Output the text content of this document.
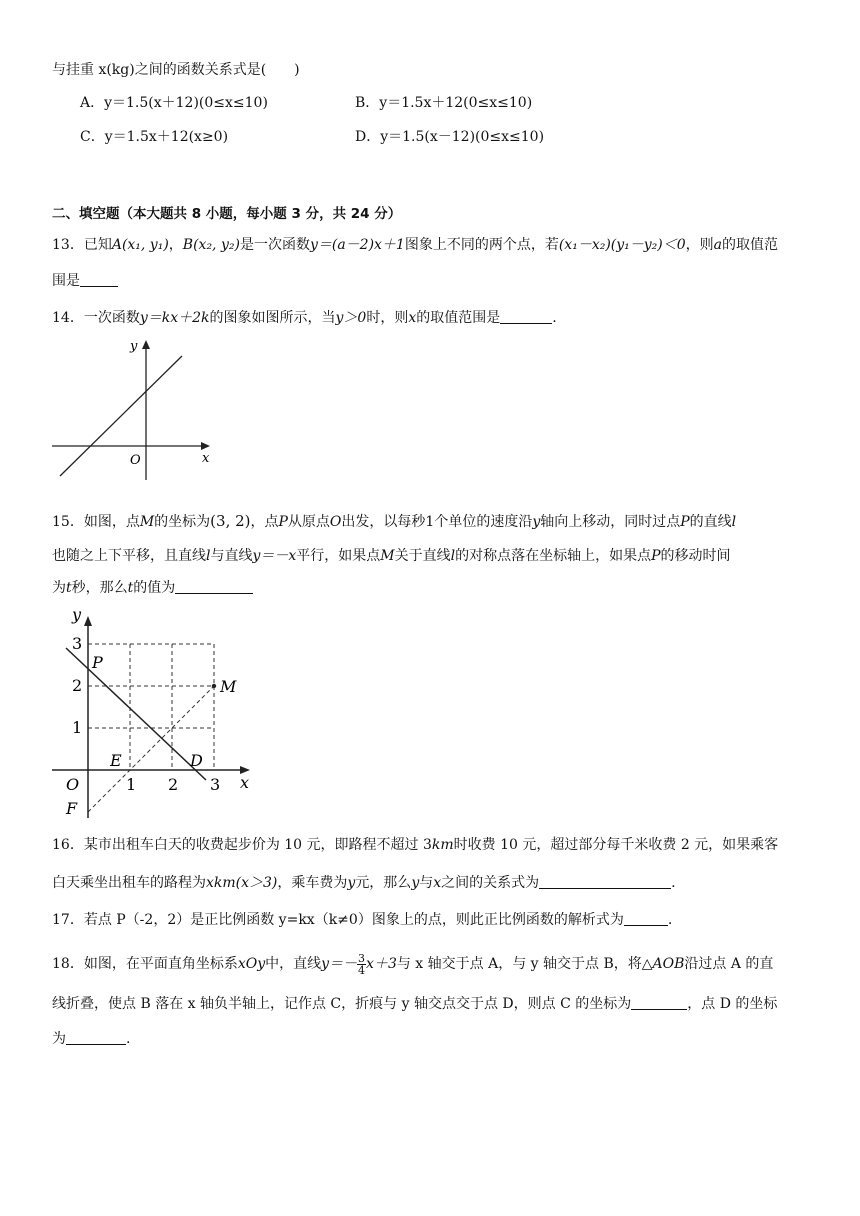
与挂重 x(kg)之间的函数关系式是(　　)
A．y＝1.5(x＋12)(0≤x≤10)	B．y＝1.5x＋12(0≤x≤10)
C．y＝1.5x＋12(x≥0)	D．y＝1.5(x－12)(0≤x≤10)
二、填空题（本大题共 8 小题，每小题 3 分，共 24 分）
13．已知A(x₁, y₁)，B(x₂, y₂)是一次函数y＝(a－2)x＋1图象上不同的两个点，若(x₁－x₂)(y₁－y₂)＜0，则a的取值范
围是
14．一次函数y＝kx＋2k的图象如图所示，当y＞0时，则x的取值范围是	.
y
x
O
15．如图，点M的坐标为(3, 2)，点P从原点O出发，以每秒1个单位的速度沿y轴向上移动，同时过点P的直线l
也随之上下平移，且直线l与直线y＝－x平行，如果点M关于直线l的对称点落在坐标轴上，如果点P的移动时间
为t秒，那么t的值为
y
x
O
3
2
1
1 2 3
P
M
E	D
F
16．某市出租车白天的收费起步价为 10 元，即路程不超过 3km时收费 10 元，超过部分每千米收费 2 元，如果乘客
白天乘坐出租车的路程为xkm(x＞3)，乘车费为y元，那么y与x之间的关系式为	.
17．若点 P（-2，2）是正比例函数 y=kx（k≠0）图象上的点，则此正比例函数的解析式为	.
18．如图，在平面直角坐标系xOy中，直线$y=- \frac{3}{4} x+3$与 x 轴交于点 A，与 y 轴交于点 B，将△AOB沿过点 A 的直
线折叠，使点 B 落在 x 轴负半轴上，记作点 C，折痕与 y 轴交点交于点 D，则点 C 的坐标为	，点 D 的坐标
为	.
